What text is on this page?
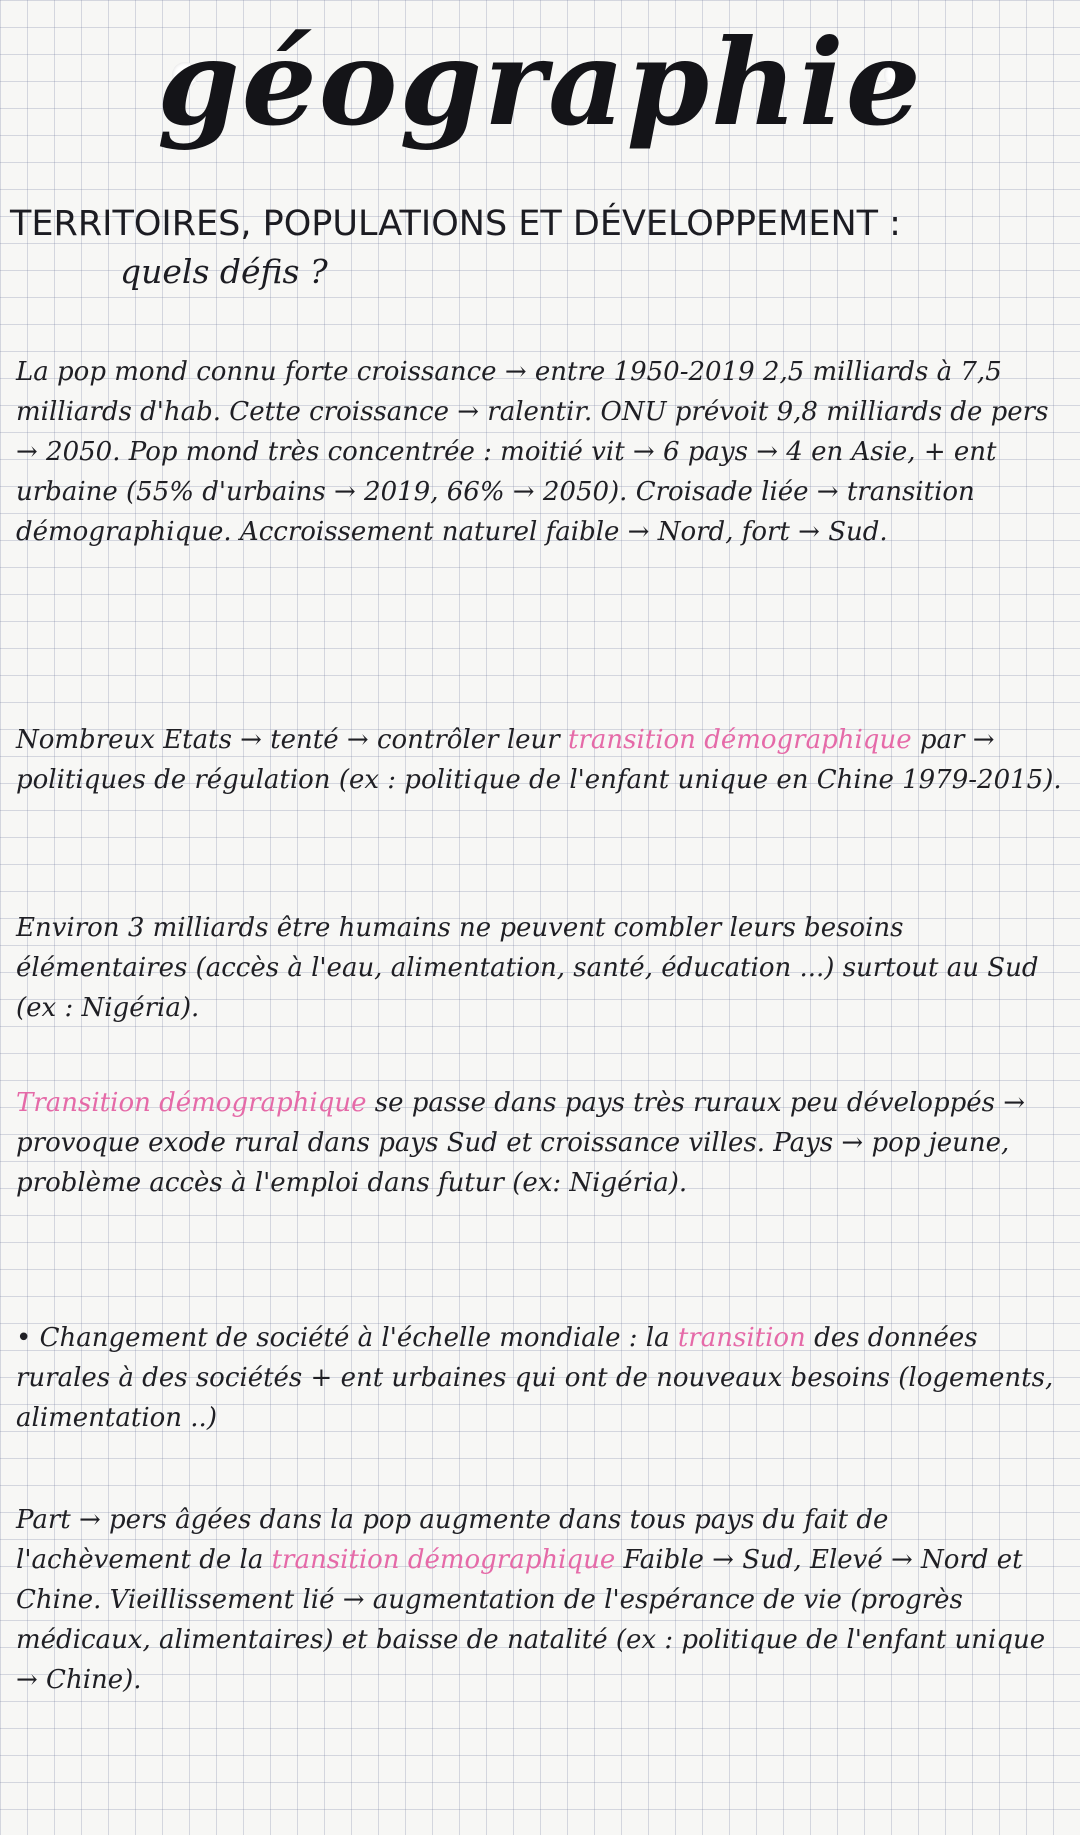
géographie
TERRITOIRES, POPULATIONS ET DÉVELOPPEMENT :
quels défis ?
La pop mond connu forte croissance → entre 1950-2019 2,5 milliards à 7,5 milliards d'hab. Cette croissance → ralentir. ONU prévoit 9,8 milliards de pers → 2050. Pop mond très concentrée : moitié vit → 6 pays → 4 en Asie, + ent urbaine (55% d'urbains → 2019, 66% → 2050). Croisade liée → transition démographique. Accroissement naturel faible → Nord, fort → Sud.
Nombreux Etats → tenté → contrôler leur transition démographique par → politiques de régulation (ex : politique de l'enfant unique en Chine 1979-2015).
Environ 3 milliards être humains ne peuvent combler leurs besoins élémentaires (accès à l'eau, alimentation, santé, éducation ...) surtout au Sud (ex : Nigéria).
Transition démographique se passe dans pays très ruraux peu développés → provoque exode rural dans pays Sud et croissance villes. Pays → pop jeune, problème accès à l'emploi dans futur (ex: Nigéria).
• Changement de société à l'échelle mondiale : la transition des données rurales à des sociétés + ent urbaines qui ont de nouveaux besoins (logements, alimentation ..)
Part → pers âgées dans la pop augmente dans tous pays du fait de l'achèvement de la transition démographique Faible → Sud, Elevé → Nord et Chine. Vieillissement lié → augmentation de l'espérance de vie (progrès médicaux, alimentaires) et baisse de natalité (ex : politique de l'enfant unique → Chine).
